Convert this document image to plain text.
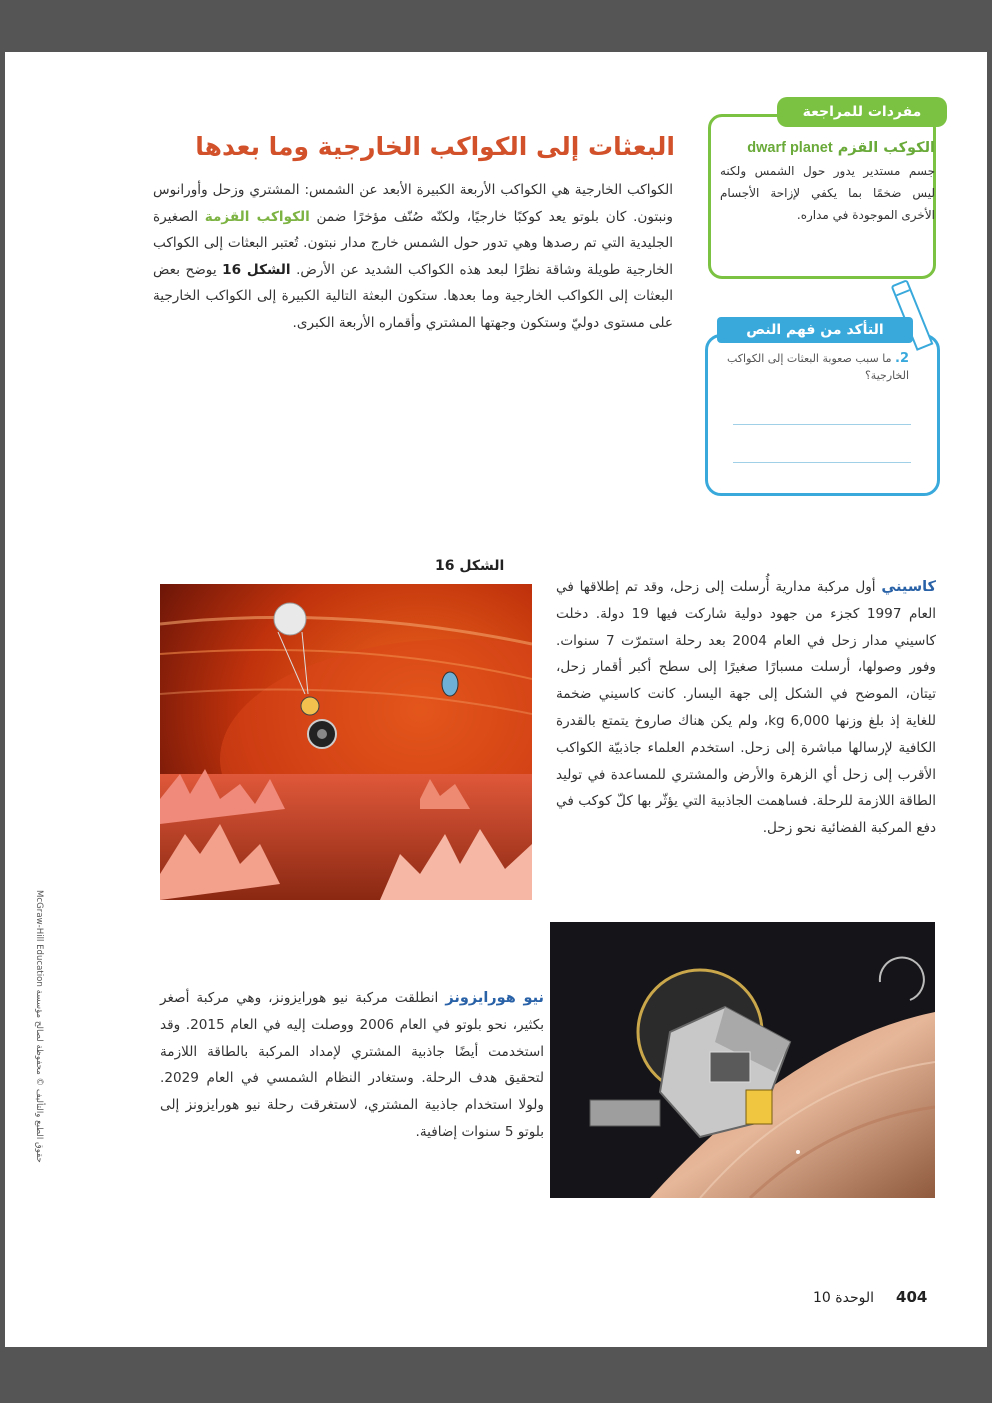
البعثات إلى الكواكب الخارجية وما بعدها

الكواكب الخارجية هي الكواكب الأربعة الكبيرة الأبعد عن الشمس: المشتري وزحل وأورانوس ونبتون. كان بلوتو يعد كوكبًا خارجيًا، ولكنّه صُنّف مؤخرًا ضمن الكواكب القزمة الصغيرة الجليدية التي تم رصدها وهي تدور حول الشمس خارج مدار نبتون. تُعتبر البعثات إلى الكواكب الخارجية طويلة وشاقة نظرًا لبعد هذه الكواكب الشديد عن الأرض. الشكل 16 يوضح بعض البعثات إلى الكواكب الخارجية وما بعدها. ستكون البعثة التالية الكبيرة إلى الكواكب الخارجية على مستوى دوليّ وستكون وجهتها المشتري وأقماره الأربعة الكبرى.

مفردات للمراجعة

الكوكب القزم dwarf planet

جسم مستدير يدور حول الشمس ولكنه ليس ضخمًا بما يكفي لإزاحة الأجسام الأخرى الموجودة في مداره.

التأكد من فهم النص

2. ما سبب صعوبة البعثات إلى الكواكب الخارجية؟

الشكل 16

كاسيني أول مركبة مدارية أُرسلت إلى زحل، وقد تم إطلاقها في العام 1997 كجزء من جهود دولية شاركت فيها 19 دولة. دخلت كاسيني مدار زحل في العام 2004 بعد رحلة استمرّت 7 سنوات. وفور وصولها، أرسلت مسبارًا صغيرًا إلى سطح أكبر أقمار زحل، تيتان، الموضح في الشكل إلى جهة اليسار. كانت كاسيني ضخمة للغاية إذ بلغ وزنها 6,000 kg، ولم يكن هناك صاروخ يتمتع بالقدرة الكافية لإرسالها مباشرة إلى زحل. استخدم العلماء جاذبيّة الكواكب الأقرب إلى زحل أي الزهرة والأرض والمشتري للمساعدة في توليد الطاقة اللازمة للرحلة. فساهمت الجاذبية التي يؤثّر بها كلّ كوكب في دفع المركبة الفضائية نحو زحل.

نيو هورايزونز انطلقت مركبة نيو هورايزونز، وهي مركبة أصغر بكثير، نحو بلوتو في العام 2006 ووصلت إليه في العام 2015. وقد استخدمت أيضًا جاذبية المشتري لإمداد المركبة بالطاقة اللازمة لتحقيق هدف الرحلة. وستغادر النظام الشمسي في العام 2029. ولولا استخدام جاذبية المشتري، لاستغرقت رحلة نيو هورايزونز إلى بلوتو 5 سنوات إضافية.

McGraw-Hill Education حقوق الطبع والتأليف © محفوظة لصالح مؤسسة
404الوحدة 10
